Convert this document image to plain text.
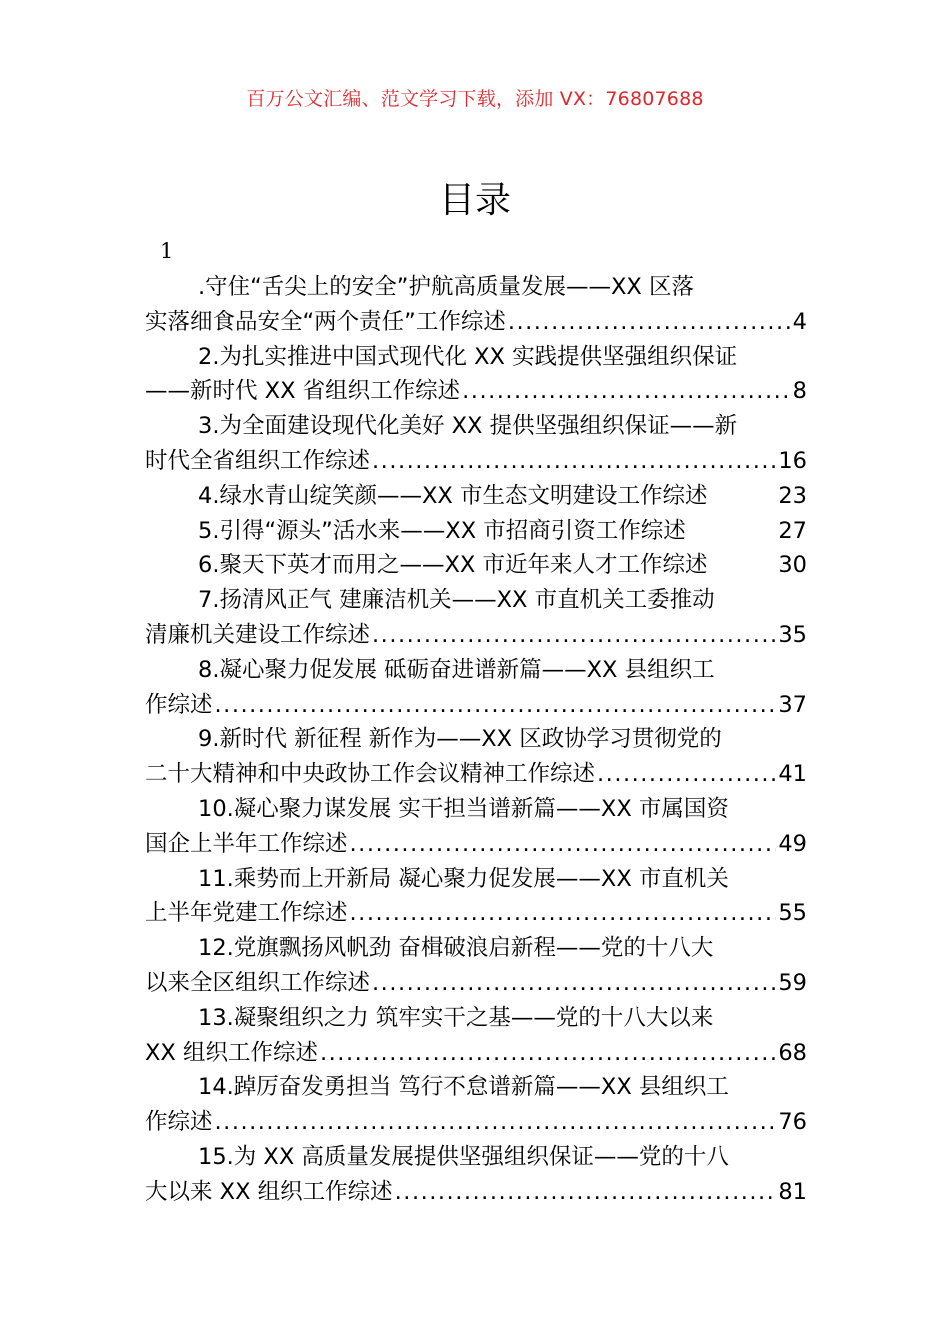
百万公文汇编、范文学习下载，添加 VX：76807688
目录
1
.守住“舌尖上的安全”护航高质量发展——XX 区落
实落细食品安全“两个责任”工作综述 .....	4
2.为扎实推进中国式现代化 XX 实践提供坚强组织保证
——新时代 XX 省组织工作综述 .....	8
3.为全面建设现代化美好 XX 提供坚强组织保证——新
时代全省组织工作综述 .....	16
4.绿水青山绽笑颜——XX 市生态文明建设工作综述	23
5.引得“源头”活水来——XX 市招商引资工作综述	27
6.聚天下英才而用之——XX 市近年来人才工作综述	30
7.扬清风正气 建廉洁机关——XX 市直机关工委推动
清廉机关建设工作综述 .....	35
8.凝心聚力促发展 砥砺奋进谱新篇——XX 县组织工
作综述 .....	37
9.新时代 新征程 新作为——XX 区政协学习贯彻党的
二十大精神和中央政协工作会议精神工作综述 .....	41
10.凝心聚力谋发展 实干担当谱新篇——XX 市属国资
国企上半年工作综述 .....	49
11.乘势而上开新局 凝心聚力促发展——XX 市直机关
上半年党建工作综述 .....	55
12.党旗飘扬风帆劲 奋楫破浪启新程——党的十八大
以来全区组织工作综述 .....	59
13.凝聚组织之力 筑牢实干之基——党的十八大以来
XX 组织工作综述 .....	68
14.踔厉奋发勇担当 笃行不怠谱新篇——XX 县组织工
作综述 .....	76
15.为 XX 高质量发展提供坚强组织保证——党的十八
大以来 XX 组织工作综述 .....	81
